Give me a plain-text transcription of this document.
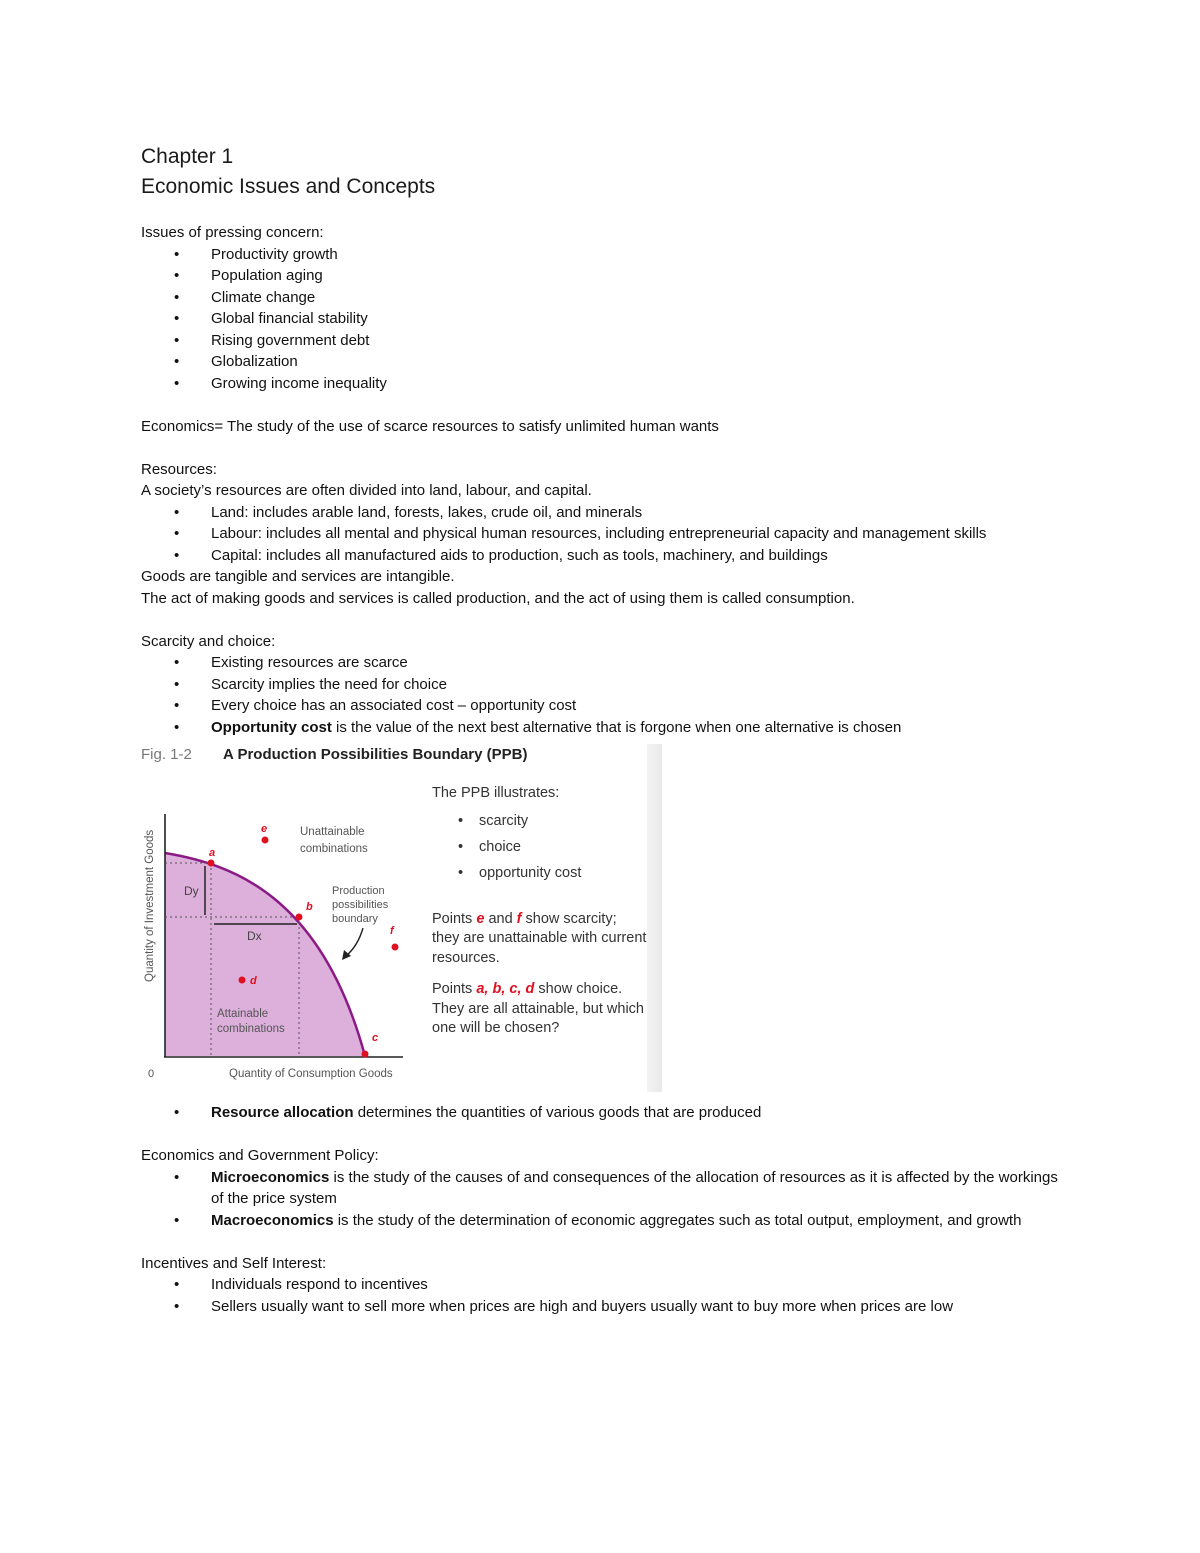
Chapter 1
Economic Issues and Concepts

Issues of pressing concern:

• Productivity growth
• Population aging
• Climate change
• Global financial stability
• Rising government debt
• Globalization
• Growing income inequality

Economics= The study of the use of scarce resources to satisfy unlimited human wants

Resources:

A society’s resources are often divided into land, labour, and capital.

• Land: includes arable land, forests, lakes, crude oil, and minerals
• Labour: includes all mental and physical human resources, including entrepreneurial capacity and management skills
• Capital: includes all manufactured aids to production, such as tools, machinery, and buildings

Goods are tangible and services are intangible.

The act of making goods and services is called production, and the act of using them is called consumption.

Scarcity and choice:

• Existing resources are scarce
• Scarcity implies the need for choice
• Every choice has an associated cost – opportunity cost
• Opportunity cost is the value of the next best alternative that is forgone when one alternative is chosen
Fig. 1-2 A Production Possibilities Boundary (PPB)
Dy
Dx
a
b
c
d
e
f
Unattainable combinations
Production possibilities boundary
Attainable combinations
Quantity of Investment Goods
Quantity of Consumption Goods
0

The PPB illustrates:

• scarcity
• choice
• opportunity cost
Points e and f show scarcity; they are unattainable with current resources.
Points a, b, c, d show choice. They are all attainable, but which one will be chosen?
• Resource allocation determines the quantities of various goods that are produced

Economics and Government Policy:

• Microeconomics is the study of the causes of and consequences of the allocation of resources as it is affected by the workings of the price system
• Macroeconomics is the study of the determination of economic aggregates such as total output, employment, and growth

Incentives and Self Interest:

• Individuals respond to incentives
• Sellers usually want to sell more when prices are high and buyers usually want to buy more when prices are low
